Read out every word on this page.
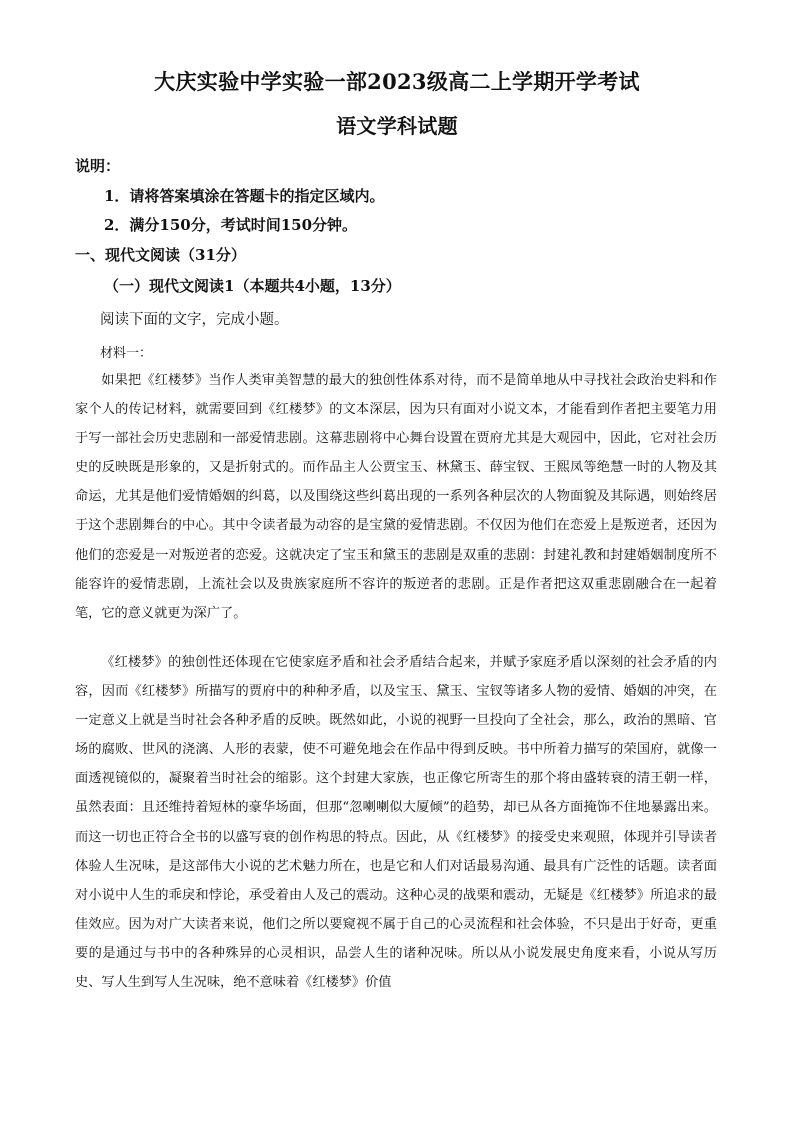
大庆实验中学实验一部2023级高二上学期开学考试
语文学科试题
说明：
1．请将答案填涂在答题卡的指定区域内。
2．满分150分，考试时间150分钟。
一、现代文阅读（31分）
（一）现代文阅读1（本题共4小题，13分）
阅读下面的文字，完成小题。
材料一：

如果把《红楼梦》当作人类审美智慧的最大的独创性体系对待，而不是简单地从中寻找社会政治史料和作家个人的传记材料，就需要回到《红楼梦》的文本深层，因为只有面对小说文本，才能看到作者把主要笔力用于写一部社会历史悲剧和一部爱情悲剧。这幕悲剧将中心舞台设置在贾府尤其是大观园中，因此，它对社会历史的反映既是形象的，又是折射式的。而作品主人公贾宝玉、林黛玉、薛宝钗、王熙凤等绝慧一时的人物及其命运，尤其是他们爱情婚姻的纠葛，以及围绕这些纠葛出现的一系列各种层次的人物面貌及其际遇，则始终居于这个悲剧舞台的中心。其中令读者最为动容的是宝黛的爱情悲剧。不仅因为他们在恋爱上是叛逆者，还因为他们的恋爱是一对叛逆者的恋爱。这就决定了宝玉和黛玉的悲剧是双重的悲剧：封建礼教和封建婚姻制度所不能容许的爱情悲剧，上流社会以及贵族家庭所不容许的叛逆者的悲剧。正是作者把这双重悲剧融合在一起着笔，它的意义就更为深广了。

《红楼梦》的独创性还体现在它使家庭矛盾和社会矛盾结合起来，并赋予家庭矛盾以深刻的社会矛盾的内容，因而《红楼梦》所描写的贾府中的种种矛盾，以及宝玉、黛玉、宝钗等诸多人物的爱情、婚姻的冲突，在一定意义上就是当时社会各种矛盾的反映。既然如此，小说的视野一旦投向了全社会，那么，政治的黑暗、官场的腐败、世风的浇漓、人形的表蒙，使不可避免地会在作品中得到反映。书中所着力描写的荣国府，就像一面透视镜似的，凝聚着当时社会的缩影。这个封建大家族，也正像它所寄生的那个将由盛转衰的清王朝一样，虽然表面：且还维持着短林的豪华场面，但那“忽喇喇似大厦倾”的趋势，却已从各方面掩饰不住地暴露出来。而这一切也正符合全书的以盛写衰的创作构思的特点。因此，从《红楼梦》的接受史来观照，体现并引导读者体验人生况味，是这部伟大小说的艺术魅力所在，也是它和人们对话最易沟通、最具有广泛性的话题。读者面对小说中人生的乖戾和悖论，承受着由人及己的震动。这种心灵的战栗和震动，无疑是《红楼梦》所追求的最佳效应。因为对广大读者来说，他们之所以要窥视不属于自己的心灵流程和社会体验，不只是出于好奇，更重要的是通过与书中的各种殊异的心灵相识，品尝人生的诸种况味。所以从小说发展史角度来看，小说从写历史、写人生到写人生况味，绝不意味着《红楼梦》价值
